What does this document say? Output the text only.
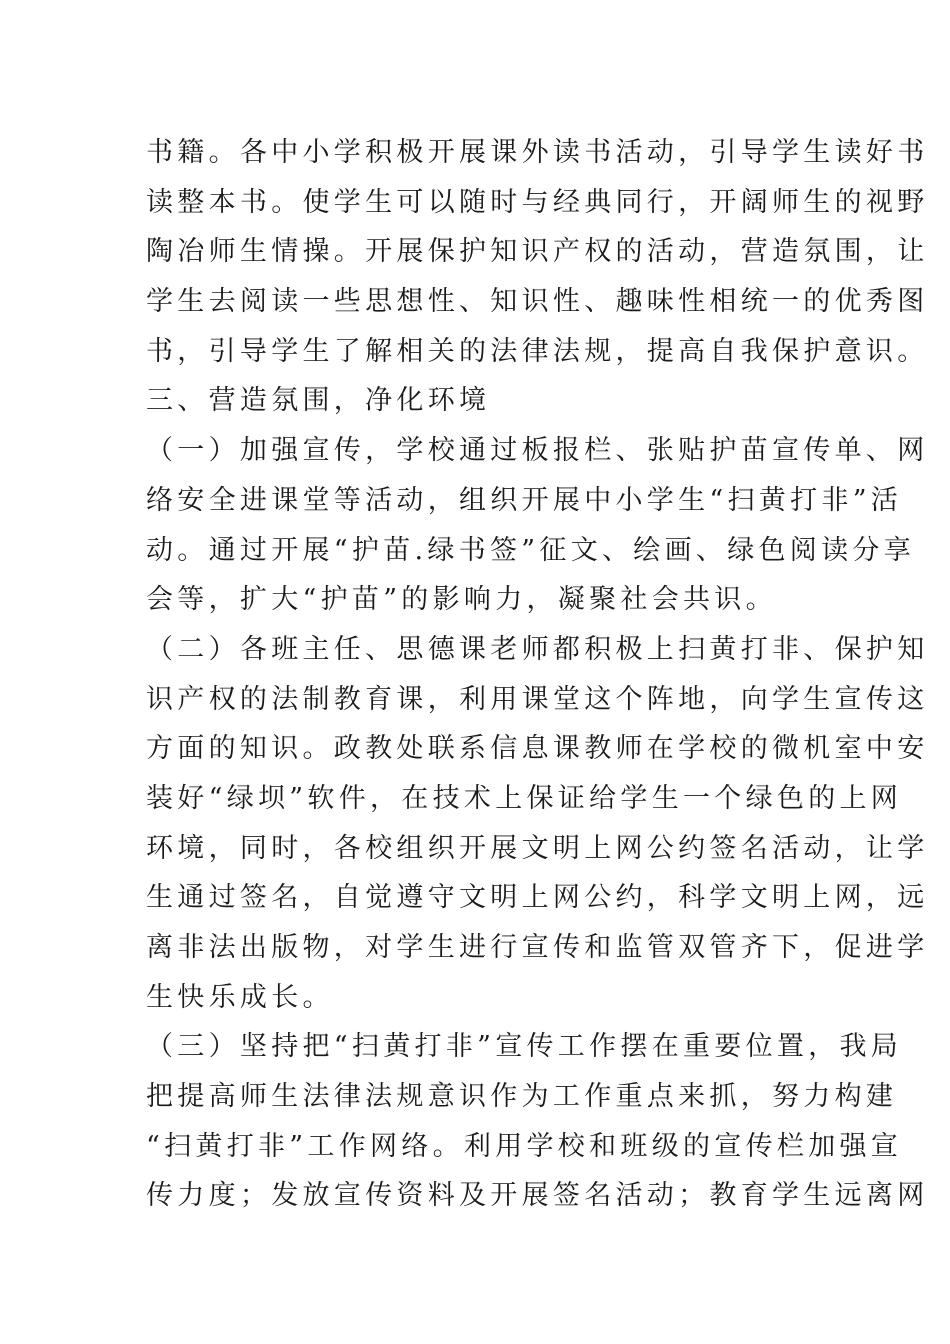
书籍。各中小学积极开展课外读书活动，引导学生读好书
读整本书。使学生可以随时与经典同行，开阔师生的视野
陶冶师生情操。开展保护知识产权的活动，营造氛围，让
学生去阅读一些思想性、知识性、趣味性相统一的优秀图
书，引导学生了解相关的法律法规，提高自我保护意识。
三、营造氛围，净化环境
（一）加强宣传，学校通过板报栏、张贴护苗宣传单、网
络安全进课堂等活动，组织开展中小学生“扫黄打非”活
动。通过开展“护苗.绿书签”征文、绘画、绿色阅读分享
会等，扩大“护苗”的影响力，凝聚社会共识。
（二）各班主任、思德课老师都积极上扫黄打非、保护知
识产权的法制教育课，利用课堂这个阵地，向学生宣传这
方面的知识。政教处联系信息课教师在学校的微机室中安
装好“绿坝”软件，在技术上保证给学生一个绿色的上网
环境，同时，各校组织开展文明上网公约签名活动，让学
生通过签名，自觉遵守文明上网公约，科学文明上网，远
离非法出版物，对学生进行宣传和监管双管齐下，促进学
生快乐成长。
（三）坚持把“扫黄打非”宣传工作摆在重要位置，我局
把提高师生法律法规意识作为工作重点来抓，努力构建
“扫黄打非”工作网络。利用学校和班级的宣传栏加强宣
传力度；发放宣传资料及开展签名活动；教育学生远离网
